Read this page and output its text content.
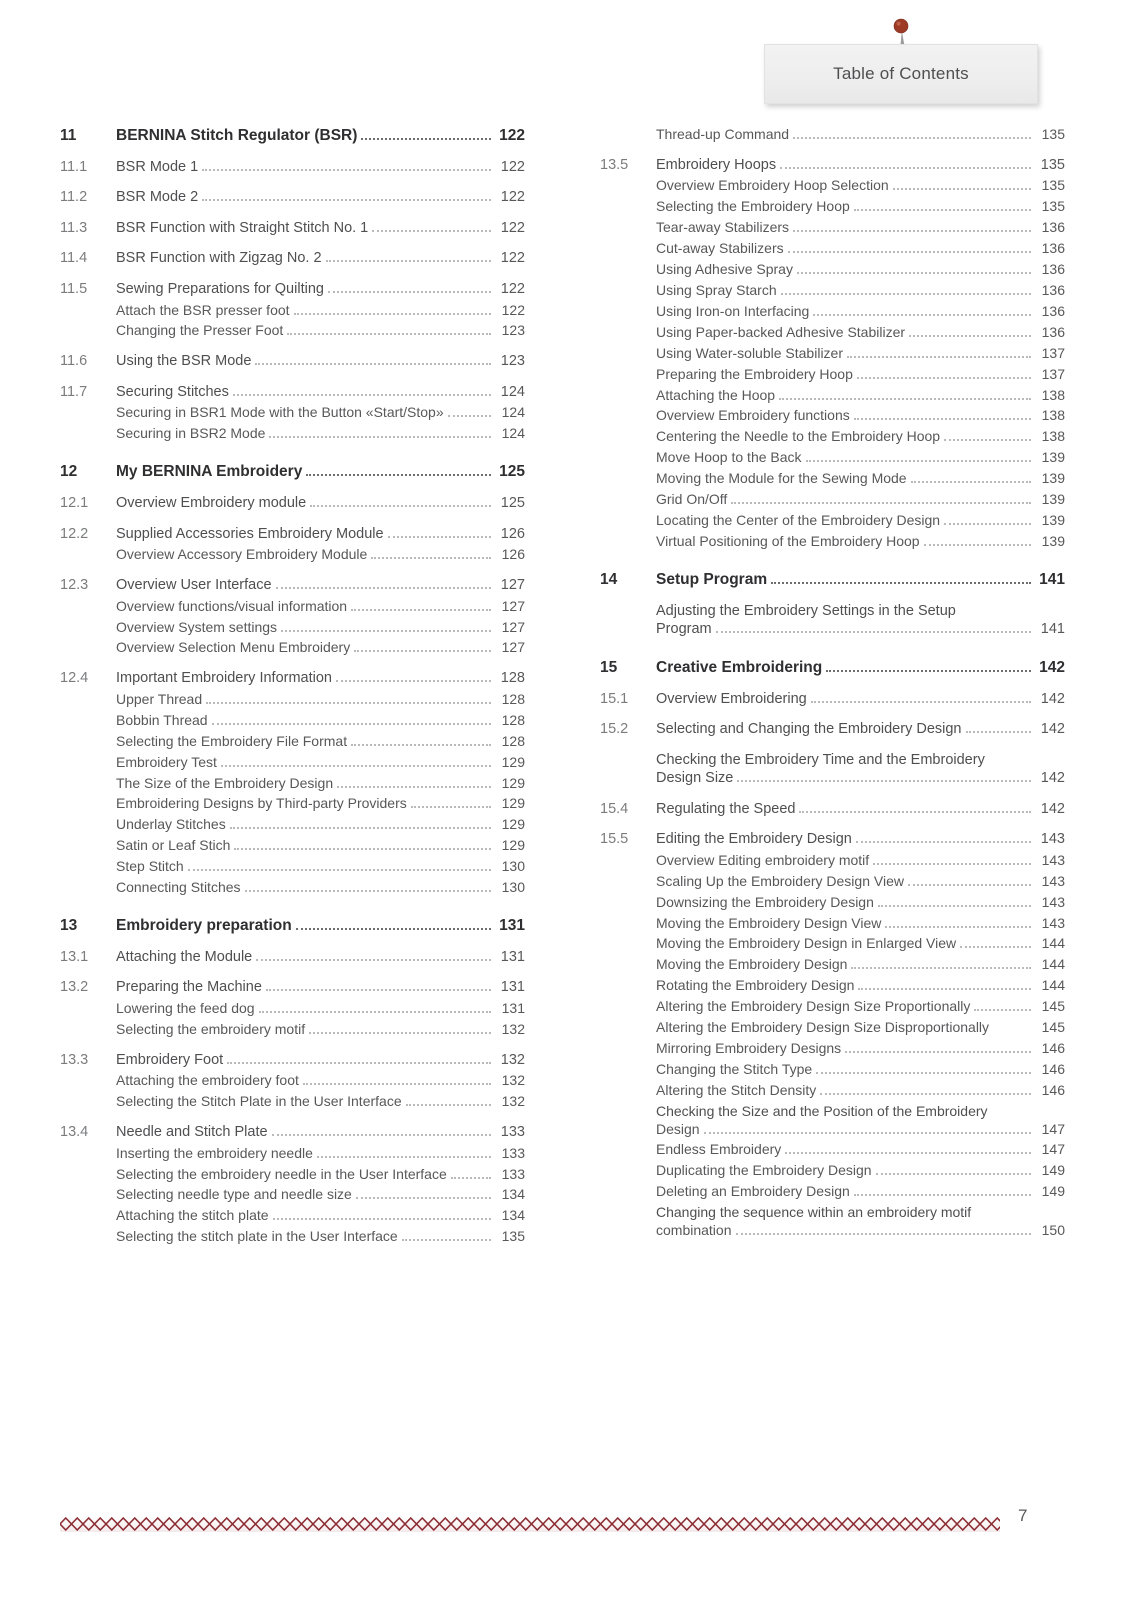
Table of Contents
11	BERNINA Stitch Regulator (BSR)	122
11.1	BSR Mode 1	122
11.2	BSR Mode 2	122
11.3	BSR Function with Straight Stitch No. 1	122
11.4	BSR Function with Zigzag No. 2	122
11.5	Sewing Preparations for Quilting	122
Attach the BSR presser foot	122
Changing the Presser Foot	123
11.6	Using the BSR Mode	123
11.7	Securing Stitches	124
Securing in BSR1 Mode with the Button «Start/Stop»	124
Securing in BSR2 Mode	124
12	My BERNINA Embroidery	125
12.1	Overview Embroidery module	125
12.2	Supplied Accessories Embroidery Module	126
Overview Accessory Embroidery Module	126
12.3	Overview User Interface	127
Overview functions/visual information	127
Overview System settings	127
Overview Selection Menu Embroidery	127
12.4	Important Embroidery Information	128
Upper Thread	128
Bobbin Thread	128
Selecting the Embroidery File Format	128
Embroidery Test	129
The Size of the Embroidery Design	129
Embroidering Designs by Third-party Providers	129
Underlay Stitches	129
Satin or Leaf Stich	129
Step Stitch	130
Connecting Stitches	130
13	Embroidery preparation	131
13.1	Attaching the Module	131
13.2	Preparing the Machine	131
Lowering the feed dog	131
Selecting the embroidery motif	132
13.3	Embroidery Foot	132
Attaching the embroidery foot	132
Selecting the Stitch Plate in the User Interface	132
13.4	Needle and Stitch Plate	133
Inserting the embroidery needle	133
Selecting the embroidery needle in the User Interface	133
Selecting needle type and needle size	134
Attaching the stitch plate	134
Selecting the stitch plate in the User Interface	135
Thread-up Command	135
13.5	Embroidery Hoops	135
Overview Embroidery Hoop Selection	135
Selecting the Embroidery Hoop	135
Tear-away Stabilizers	136
Cut-away Stabilizers	136
Using Adhesive Spray	136
Using Spray Starch	136
Using Iron-on Interfacing	136
Using Paper-backed Adhesive Stabilizer	136
Using Water-soluble Stabilizer	137
Preparing the Embroidery Hoop	137
Attaching the Hoop	138
Overview Embroidery functions	138
Centering the Needle to the Embroidery Hoop	138
Move Hoop to the Back	139
Moving the Module for the Sewing Mode	139
Grid On/Off	139
Locating the Center of the Embroidery Design	139
Virtual Positioning of the Embroidery Hoop	139
14	Setup Program	141
Adjusting the Embroidery Settings in the Setup
Program	141
15	Creative Embroidering	142
15.1	Overview Embroidering	142
15.2	Selecting and Changing the Embroidery Design	142
Checking the Embroidery Time and the Embroidery
Design Size	142
15.4	Regulating the Speed	142
15.5	Editing the Embroidery Design	143
Overview Editing embroidery motif	143
Scaling Up the Embroidery Design View	143
Downsizing the Embroidery Design	143
Moving the Embroidery Design View	143
Moving the Embroidery Design in Enlarged View	144
Moving the Embroidery Design	144
Rotating the Embroidery Design	144
Altering the Embroidery Design Size Proportionally	145
Altering the Embroidery Design Size Disproportionally	145
Mirroring Embroidery Designs	146
Changing the Stitch Type	146
Altering the Stitch Density	146
Checking the Size and the Position of the Embroidery
Design	147
Endless Embroidery	147
Duplicating the Embroidery Design	149
Deleting an Embroidery Design	149
Changing the sequence within an embroidery motif
combination	150
7
